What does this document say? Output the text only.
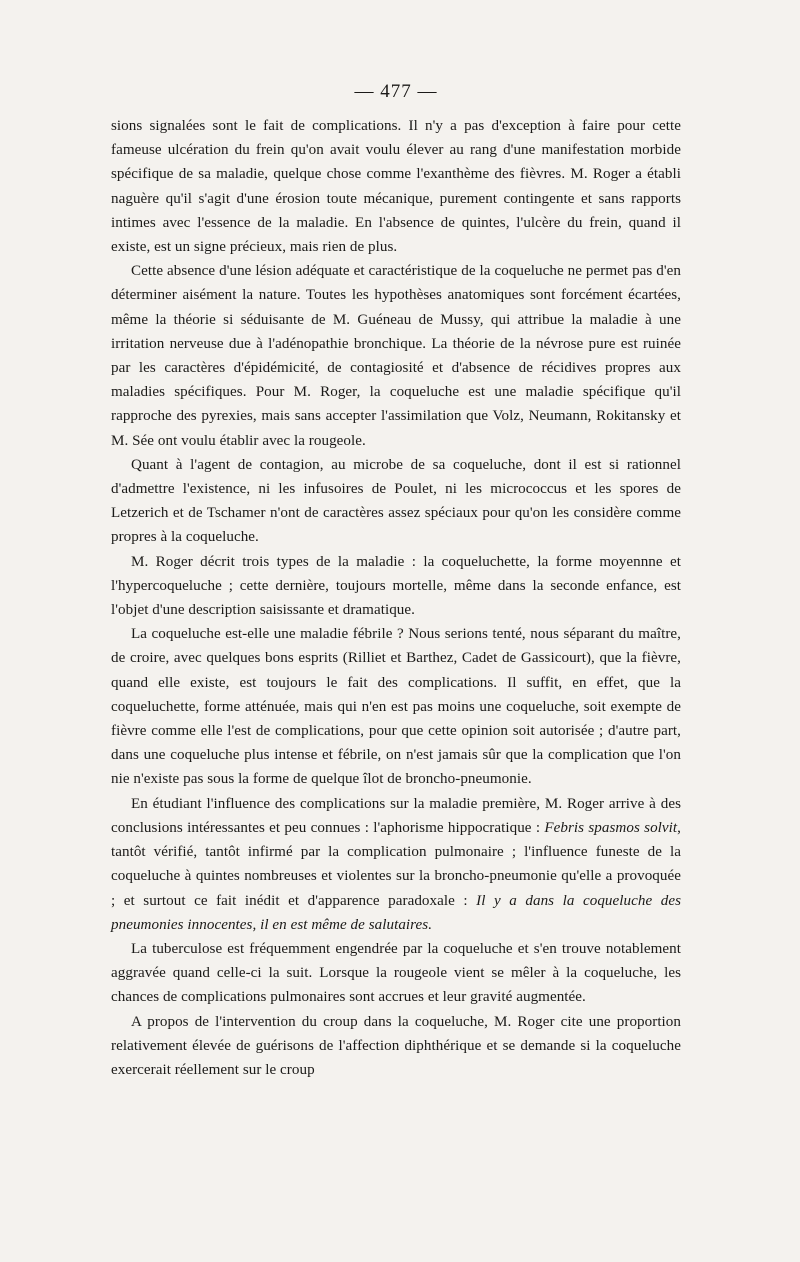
— 477 —

sions signalées sont le fait de complications. Il n'y a pas d'exception à faire pour cette fameuse ulcération du frein qu'on avait voulu élever au rang d'une manifestation morbide spécifique de sa maladie, quelque chose comme l'exanthème des fièvres. M. Roger a établi naguère qu'il s'agit d'une érosion toute mécanique, purement contingente et sans rapports intimes avec l'essence de la maladie. En l'absence de quintes, l'ulcère du frein, quand il existe, est un signe précieux, mais rien de plus.

Cette absence d'une lésion adéquate et caractéristique de la coqueluche ne permet pas d'en déterminer aisément la nature. Toutes les hypothèses anatomiques sont forcément écartées, même la théorie si séduisante de M. Guéneau de Mussy, qui attribue la maladie à une irritation nerveuse due à l'adénopathie bronchique. La théorie de la névrose pure est ruinée par les caractères d'épidémicité, de contagiosité et d'absence de récidives propres aux maladies spécifiques. Pour M. Roger, la coqueluche est une maladie spécifique qu'il rapproche des pyrexies, mais sans accepter l'assimilation que Volz, Neumann, Rokitansky et M. Sée ont voulu établir avec la rougeole.

Quant à l'agent de contagion, au microbe de sa coqueluche, dont il est si rationnel d'admettre l'existence, ni les infusoires de Poulet, ni les micrococcus et les spores de Letzerich et de Tschamer n'ont de caractères assez spéciaux pour qu'on les considère comme propres à la coqueluche.

M. Roger décrit trois types de la maladie : la coqueluchette, la forme moyennne et l'hypercoqueluche ; cette dernière, toujours mortelle, même dans la seconde enfance, est l'objet d'une description saisissante et dramatique.

La coqueluche est-elle une maladie fébrile ? Nous serions tenté, nous séparant du maître, de croire, avec quelques bons esprits (Rilliet et Barthez, Cadet de Gassicourt), que la fièvre, quand elle existe, est toujours le fait des complications. Il suffit, en effet, que la coqueluchette, forme atténuée, mais qui n'en est pas moins une coqueluche, soit exempte de fièvre comme elle l'est de complications, pour que cette opinion soit autorisée ; d'autre part, dans une coqueluche plus intense et fébrile, on n'est jamais sûr que la complication que l'on nie n'existe pas sous la forme de quelque îlot de broncho-pneumonie.

En étudiant l'influence des complications sur la maladie première, M. Roger arrive à des conclusions intéressantes et peu connues : l'aphorisme hippocratique : Febris spasmos solvit, tantôt vérifié, tantôt infirmé par la complication pulmonaire ; l'influence funeste de la coqueluche à quintes nombreuses et violentes sur la broncho-pneumonie qu'elle a provoquée ; et surtout ce fait inédit et d'apparence paradoxale : Il y a dans la coqueluche des pneumonies innocentes, il en est même de salutaires.

La tuberculose est fréquemment engendrée par la coqueluche et s'en trouve notablement aggravée quand celle-ci la suit. Lorsque la rougeole vient se mêler à la coqueluche, les chances de complications pulmonaires sont accrues et leur gravité augmentée.

A propos de l'intervention du croup dans la coqueluche, M. Roger cite une proportion relativement élevée de guérisons de l'affection diphthérique et se demande si la coqueluche exercerait réellement sur le croup
